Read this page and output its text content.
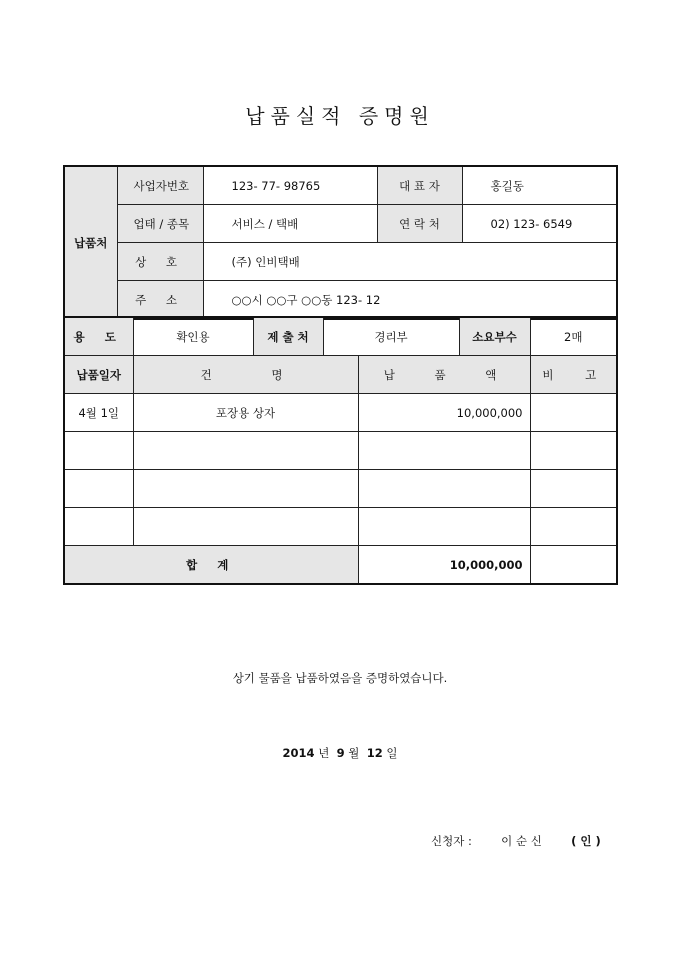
납품실적 증명원
납품처	사업자번호	123- 77- 98765	대 표 자	홍길동
	업태 / 종목	서비스 / 택배	연 락 처	02) 123- 6549
	상 호	(주) 인비택배		
	주 소	○○시 ○○구 ○○동 123- 12		
용 도	확인용	제 출 처	경리부		소요부수	2매
납품일자	건 명			납 품 액		비 고
4월 1일	포장용 상자			10,000,000		

합 계				10,000,000		
상기 물품을 납품하였음을 증명하였습니다.
2014 년 9 월 12 일
신청자 :	이 순 신	( 인 )
